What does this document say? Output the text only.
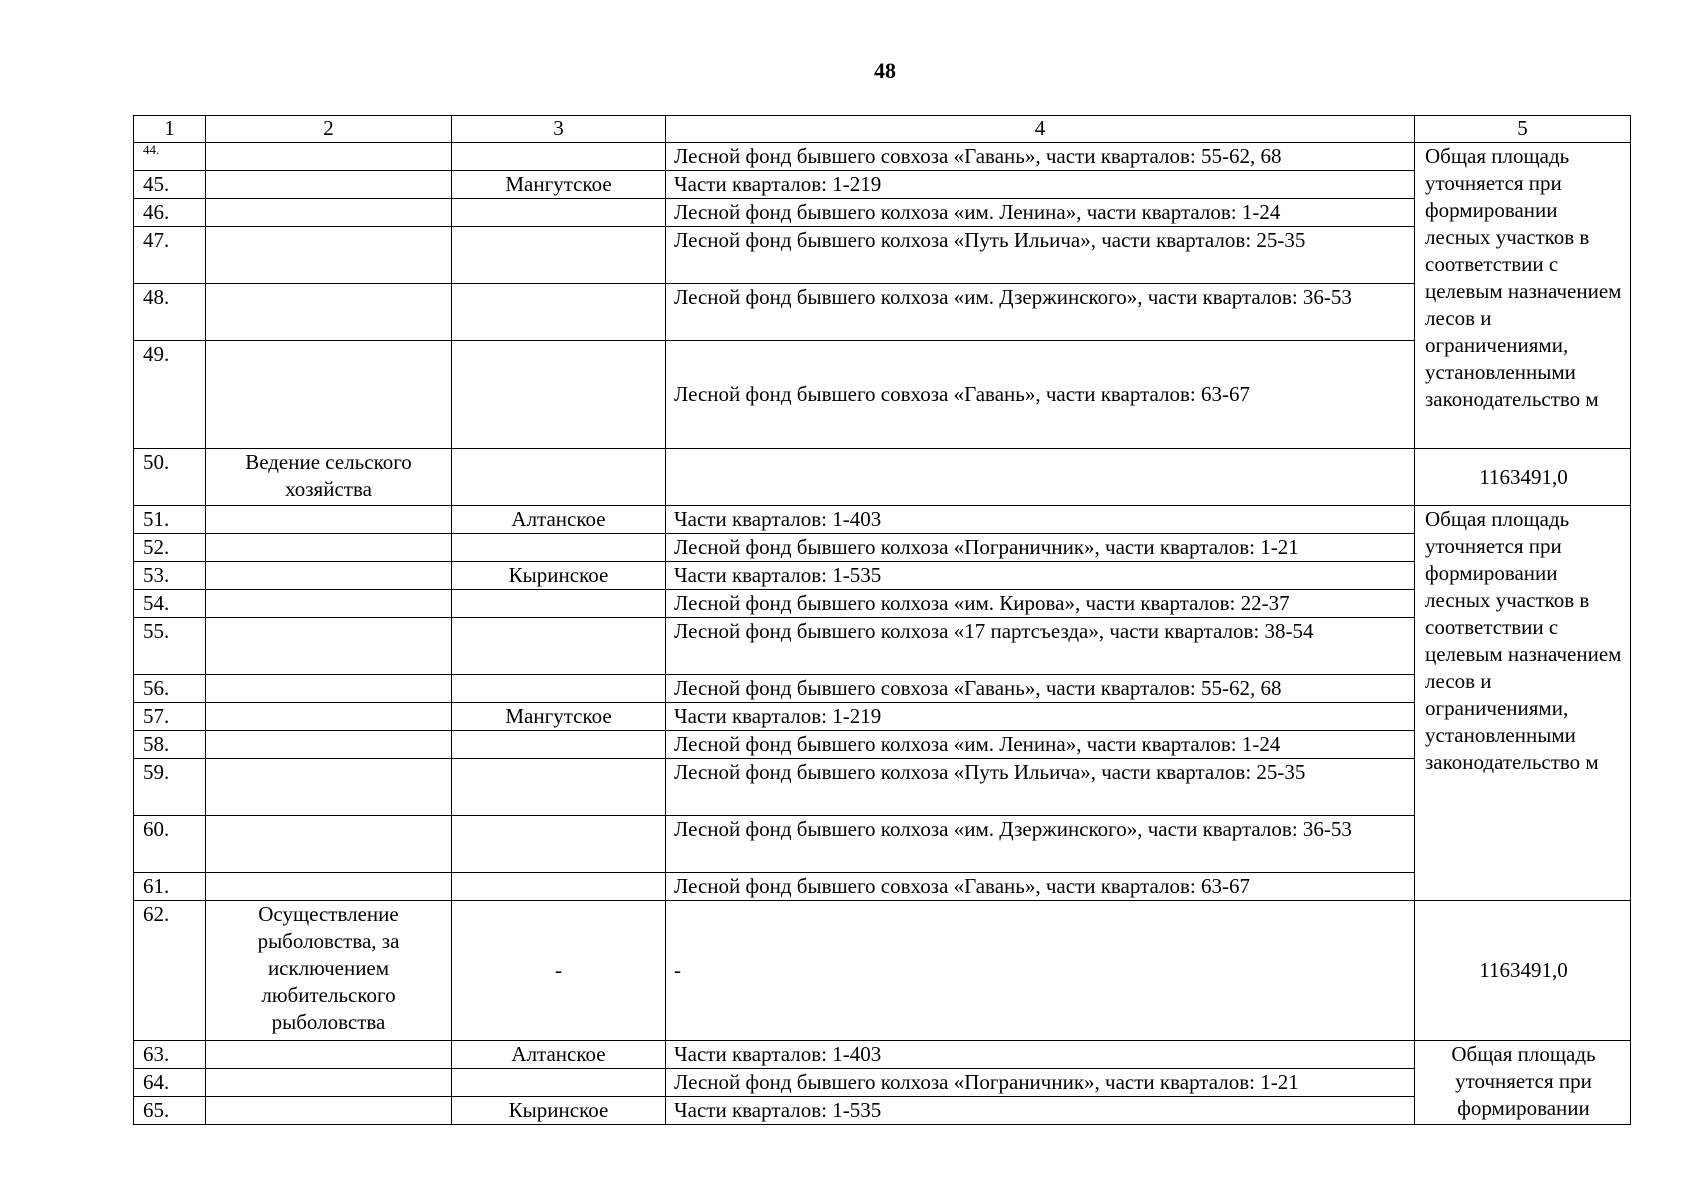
48
1	2	3	4	5
44.			Лесной фонд бывшего совхоза «Гавань», части кварталов: 55-62, 68	Общая площадь уточняется при формировании лесных участков в соответствии с целевым назначением лесов и ограничениями, установленными законодательство м
45.		Мангутское	Части кварталов: 1-219	
46.			Лесной фонд бывшего колхоза «им. Ленина», части кварталов: 1-24	
47.			Лесной фонд бывшего колхоза «Путь Ильича», части кварталов: 25-35	
48.			Лесной фонд бывшего колхоза «им. Дзержинского», части кварталов: 36-53	
49.			Лесной фонд бывшего совхоза «Гавань», части кварталов: 63-67	
50.	Ведение сельского хозяйства			1163491,0
51.		Алтанское	Части кварталов: 1-403	Общая площадь уточняется при формировании лесных участков в соответствии с целевым назначением лесов и ограничениями, установленными законодательство м
52.			Лесной фонд бывшего колхоза «Пограничник», части кварталов: 1-21	
53.		Кыринское	Части кварталов: 1-535	
54.			Лесной фонд бывшего колхоза «им. Кирова», части кварталов: 22-37	
55.			Лесной фонд бывшего колхоза «17 партсъезда», части кварталов: 38-54	
56.			Лесной фонд бывшего совхоза «Гавань», части кварталов: 55-62, 68	
57.		Мангутское	Части кварталов: 1-219	
58.			Лесной фонд бывшего колхоза «им. Ленина», части кварталов: 1-24	
59.			Лесной фонд бывшего колхоза «Путь Ильича», части кварталов: 25-35	
60.			Лесной фонд бывшего колхоза «им. Дзержинского», части кварталов: 36-53	
61.			Лесной фонд бывшего совхоза «Гавань», части кварталов: 63-67	
62.	Осуществление рыболовства, за исключением любительского рыболовства	-	-	1163491,0
63.		Алтанское	Части кварталов: 1-403	Общая площадь уточняется при формировании
64.			Лесной фонд бывшего колхоза «Пограничник», части кварталов: 1-21	
65.		Кыринское	Части кварталов: 1-535	
